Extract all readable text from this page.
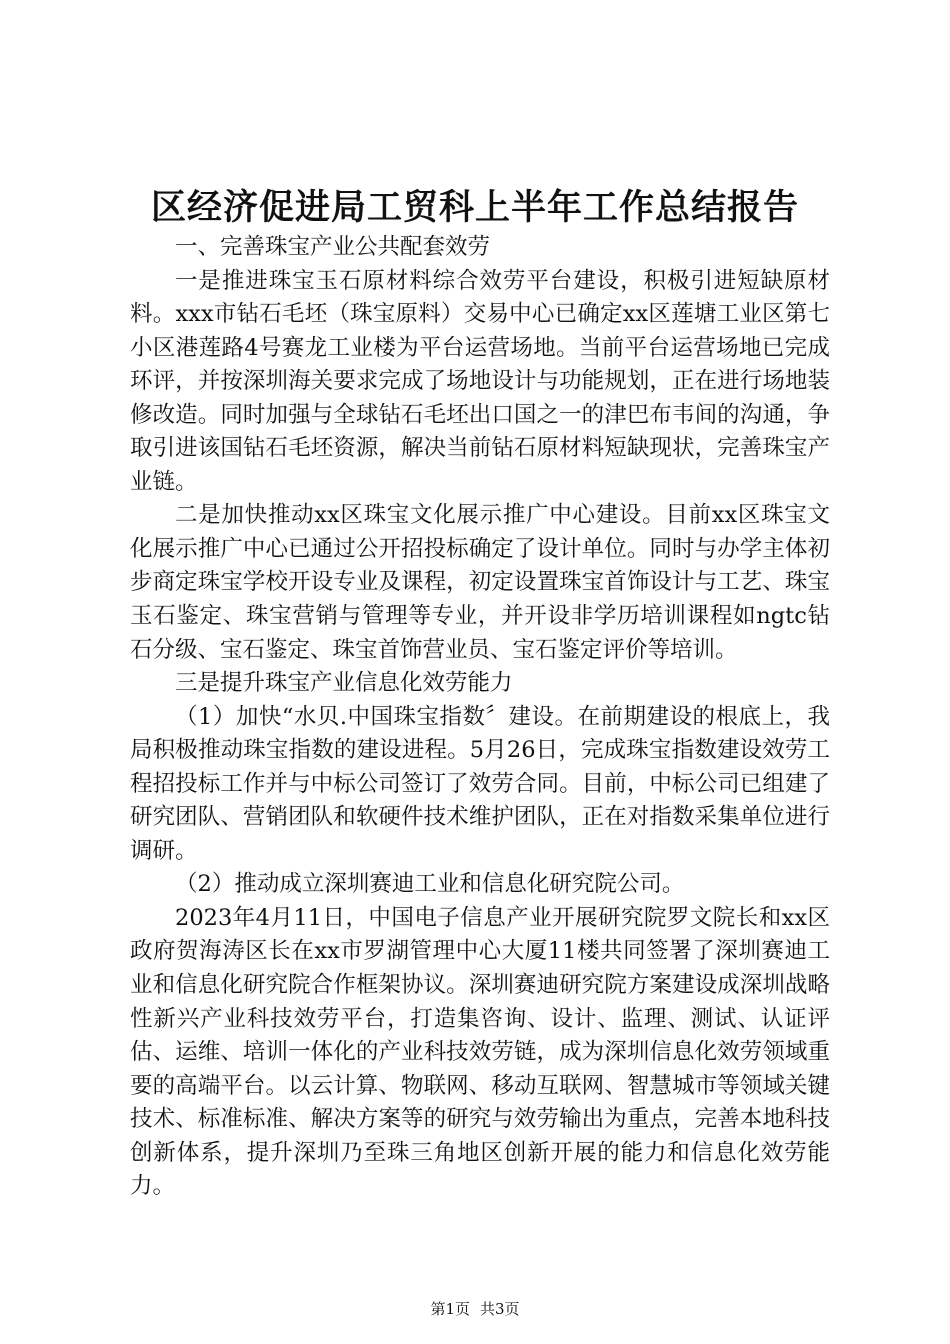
区经济促进局工贸科上半年工作总结报告

一、完善珠宝产业公共配套效劳

一是推进珠宝玉石原材料综合效劳平台建设，积极引进短缺原材料。xxx市钻石毛坯（珠宝原料）交易中心已确定xx区莲塘工业区第七小区港莲路4号赛龙工业楼为平台运营场地。当前平台运营场地已完成环评，并按深圳海关要求完成了场地设计与功能规划，正在进行场地装修改造。同时加强与全球钻石毛坯出口国之一的津巴布韦间的沟通，争取引进该国钻石毛坯资源，解决当前钻石原材料短缺现状，完善珠宝产业链。

二是加快推动xx区珠宝文化展示推广中心建设。目前xx区珠宝文化展示推广中心已通过公开招投标确定了设计单位。同时与办学主体初步商定珠宝学校开设专业及课程，初定设置珠宝首饰设计与工艺、珠宝玉石鉴定、珠宝营销与管理等专业，并开设非学历培训课程如ngtc钻石分级、宝石鉴定、珠宝首饰营业员、宝石鉴定评价等培训。

三是提升珠宝产业信息化效劳能力

（1）加快“水贝.中国珠宝指数〞建设。在前期建设的根底上，我局积极推动珠宝指数的建设进程。5月26日，完成珠宝指数建设效劳工程招投标工作并与中标公司签订了效劳合同。目前，中标公司已组建了研究团队、营销团队和软硬件技术维护团队，正在对指数采集单位进行调研。

（2）推动成立深圳赛迪工业和信息化研究院公司。

2023年4月11日，中国电子信息产业开展研究院罗文院长和xx区政府贺海涛区长在xx市罗湖管理中心大厦11楼共同签署了深圳赛迪工业和信息化研究院合作框架协议。深圳赛迪研究院方案建设成深圳战略性新兴产业科技效劳平台，打造集咨询、设计、监理、测试、认证评估、运维、培训一体化的产业科技效劳链，成为深圳信息化效劳领域重要的高端平台。以云计算、物联网、移动互联网、智慧城市等领域关键技术、标准标准、解决方案等的研究与效劳输出为重点，完善本地科技创新体系，提升深圳乃至珠三角地区创新开展的能力和信息化效劳能力。

第1页 共3页
